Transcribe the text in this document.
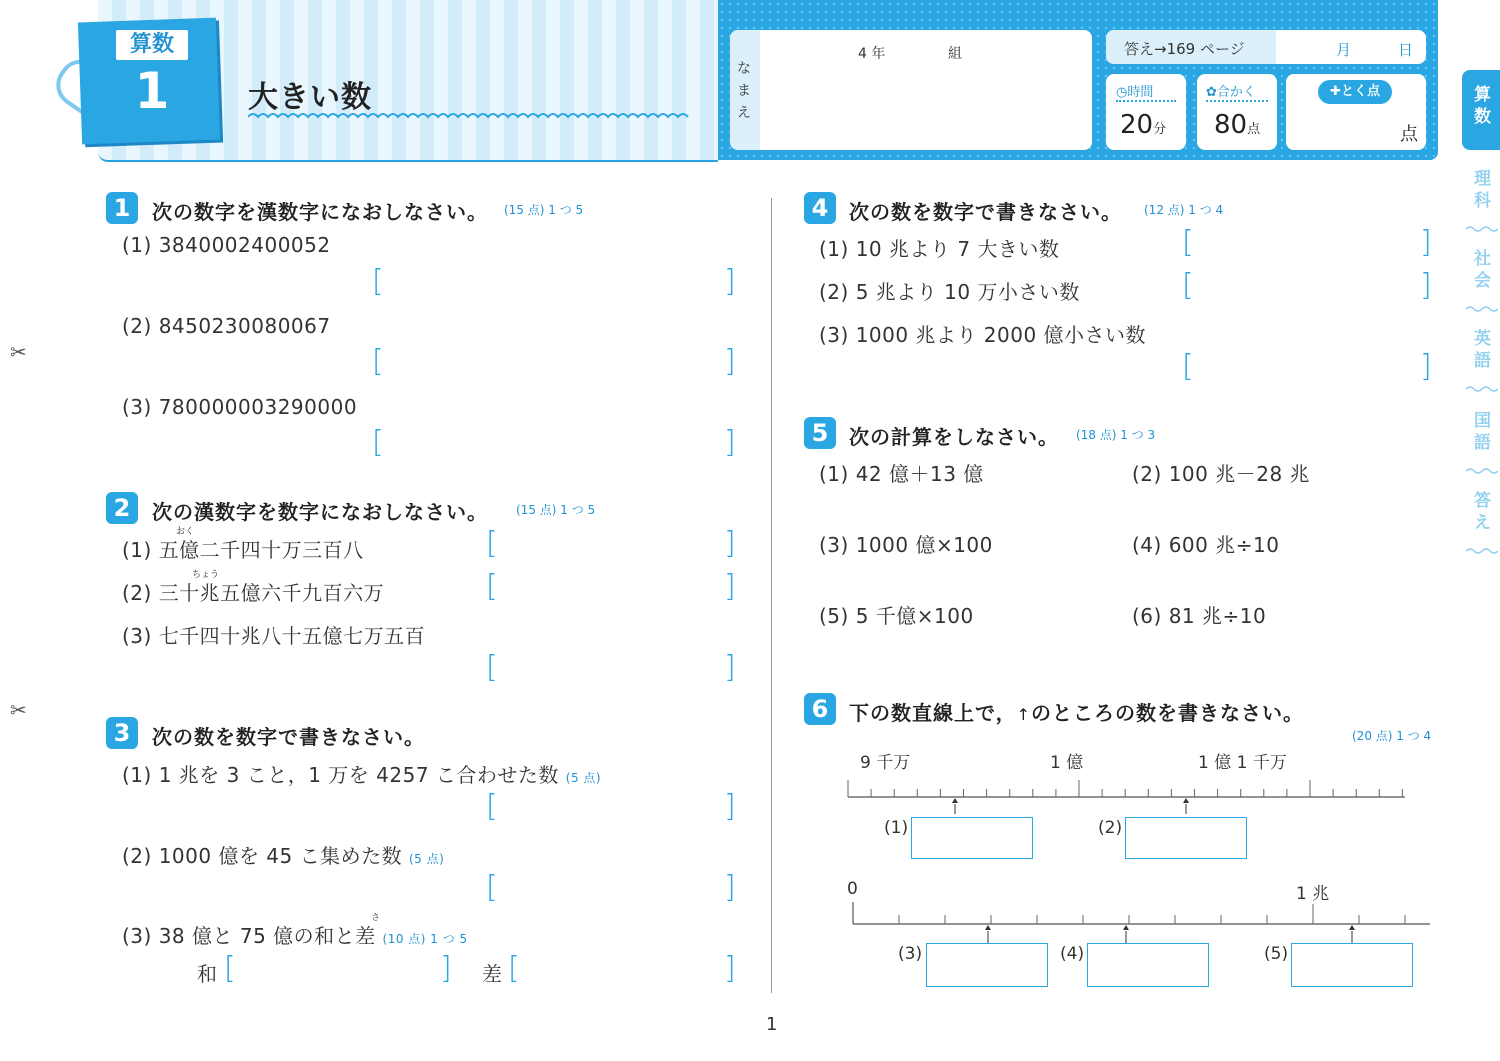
算数
1	大きい数
なまえ
4 年	組	答え→169 ページ	月	日
◷時間
20分
✿合かく
80点
✚とく点
点
算数
理科
社会
英語
国語
答え
✂
✂
1	次の数字を漢数字になおしなさい。 (15 点) 1 つ 5
(1) 3840002400052
[	]
(2) 8450230080067
[	]
(3) 780000003290000
[	]
2	次の漢数字を数字になおしなさい。 (15 点) 1 つ 5
おく
(1) 五億二千四十万三百八	[	]
ちょう
(2) 三十兆五億六千九百六万	[	]
(3) 七千四十兆八十五億七万五百
[	]
3	次の数を数字で書きなさい。
(1) 1 兆を 3 こと，1 万を 4257 こ合わせた数 (5 点)
[	]
(2) 1000 億を 45 こ集めた数 (5 点)
[	]
さ
(3) 38 億と 75 億の和と差 (10 点) 1 つ 5
和 [	] 差 [	]
4	次の数を数字で書きなさい。 (12 点) 1 つ 4
(1) 10 兆より 7 大きい数	[	]
(2) 5 兆より 10 万小さい数	[	]
(3) 1000 兆より 2000 億小さい数
[	]
5	次の計算をしなさい。 (18 点) 1 つ 3
(1) 42 億＋13 億	(2) 100 兆－28 兆
(3) 1000 億×100	(4) 600 兆÷10
(5) 5 千億×100	(6) 81 兆÷10
6	下の数直線上で，↑のところの数を書きなさい。
(20 点) 1 つ 4
9 千万	1 億	1 億 1 千万
(1)	(2)
0	1 兆
(3)	(4)	(5)
1
